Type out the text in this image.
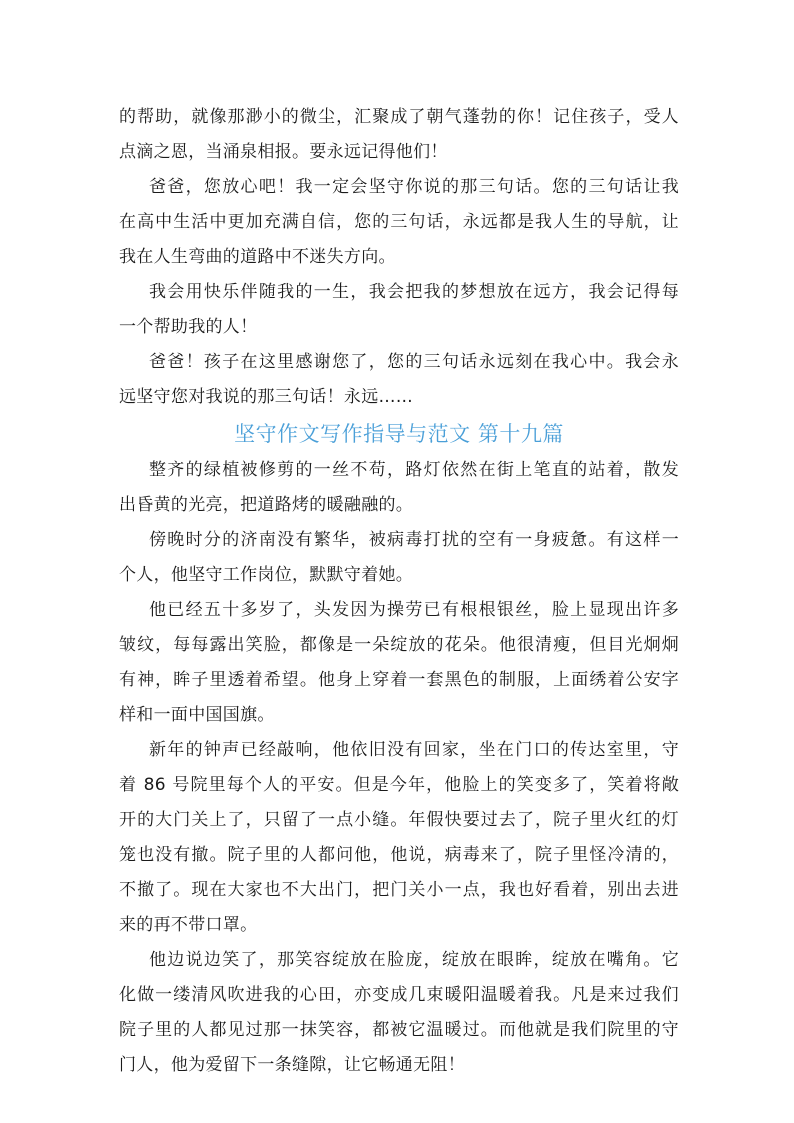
的帮助，就像那渺小的微尘，汇聚成了朝气蓬勃的你！记住孩子，受人
点滴之恩，当涌泉相报。要永远记得他们！
爸爸，您放心吧！我一定会坚守你说的那三句话。您的三句话让我
在高中生活中更加充满自信，您的三句话，永远都是我人生的导航，让
我在人生弯曲的道路中不迷失方向。
我会用快乐伴随我的一生，我会把我的梦想放在远方，我会记得每
一个帮助我的人！
爸爸！孩子在这里感谢您了，您的三句话永远刻在我心中。我会永
远坚守您对我说的那三句话！永远……
坚守作文写作指导与范文 第十九篇
整齐的绿植被修剪的一丝不苟，路灯依然在街上笔直的站着，散发
出昏黄的光亮，把道路烤的暖融融的。
傍晚时分的济南没有繁华，被病毒打扰的空有一身疲惫。有这样一
个人，他坚守工作岗位，默默守着她。
他已经五十多岁了，头发因为操劳已有根根银丝，脸上显现出许多
皱纹，每每露出笑脸，都像是一朵绽放的花朵。他很清瘦，但目光炯炯
有神，眸子里透着希望。他身上穿着一套黑色的制服，上面绣着公安字
样和一面中国国旗。
新年的钟声已经敲响，他依旧没有回家，坐在门口的传达室里，守
着 86 号院里每个人的平安。但是今年，他脸上的笑变多了，笑着将敞
开的大门关上了，只留了一点小缝。年假快要过去了，院子里火红的灯
笼也没有撤。院子里的人都问他，他说，病毒来了，院子里怪冷清的，
不撤了。现在大家也不大出门，把门关小一点，我也好看着，别出去进
来的再不带口罩。
他边说边笑了，那笑容绽放在脸庞，绽放在眼眸，绽放在嘴角。它
化做一缕清风吹进我的心田，亦变成几束暖阳温暖着我。凡是来过我们
院子里的人都见过那一抹笑容，都被它温暖过。而他就是我们院里的守
门人，他为爱留下一条缝隙，让它畅通无阻！
